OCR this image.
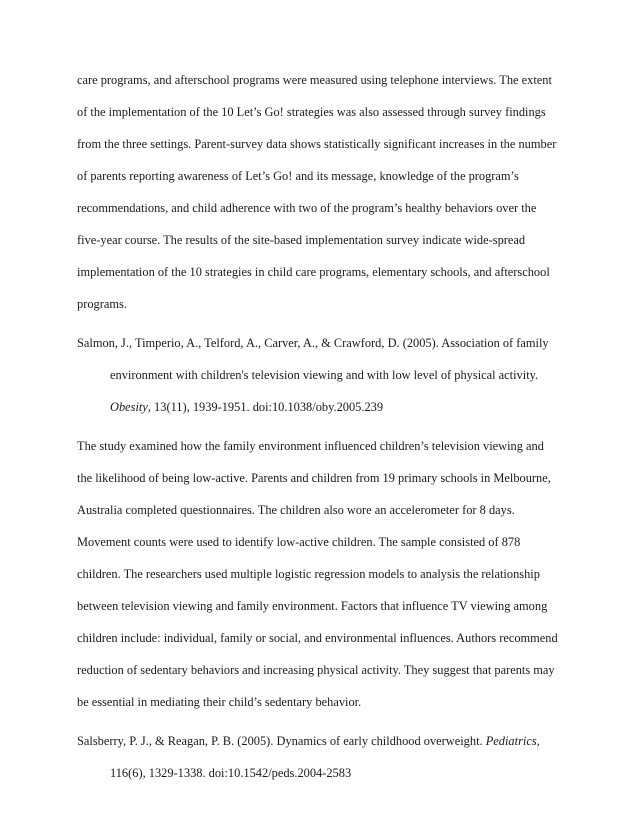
care programs, and afterschool programs were measured using telephone interviews. The extent

of the implementation of the 10 Let’s Go! strategies was also assessed through survey findings

from the three settings. Parent-survey data shows statistically significant increases in the number

of parents reporting awareness of Let’s Go! and its message, knowledge of the program’s

recommendations, and child adherence with two of the program’s healthy behaviors over the

five-year course. The results of the site-based implementation survey indicate wide-spread

implementation of the 10 strategies in child care programs, elementary schools, and afterschool

programs.

Salmon, J., Timperio, A., Telford, A., Carver, A., & Crawford, D. (2005). Association of family

environment with children's television viewing and with low level of physical activity.

Obesity, 13(11), 1939-1951. doi:10.1038/oby.2005.239

The study examined how the family environment influenced children’s television viewing and

the likelihood of being low-active. Parents and children from 19 primary schools in Melbourne,

Australia completed questionnaires. The children also wore an accelerometer for 8 days.

Movement counts were used to identify low-active children. The sample consisted of 878

children. The researchers used multiple logistic regression models to analysis the relationship

between television viewing and family environment. Factors that influence TV viewing among

children include: individual, family or social, and environmental influences. Authors recommend

reduction of sedentary behaviors and increasing physical activity. They suggest that parents may

be essential in mediating their child’s sedentary behavior.

Salsberry, P. J., & Reagan, P. B. (2005). Dynamics of early childhood overweight. Pediatrics,

116(6), 1329-1338. doi:10.1542/peds.2004-2583
